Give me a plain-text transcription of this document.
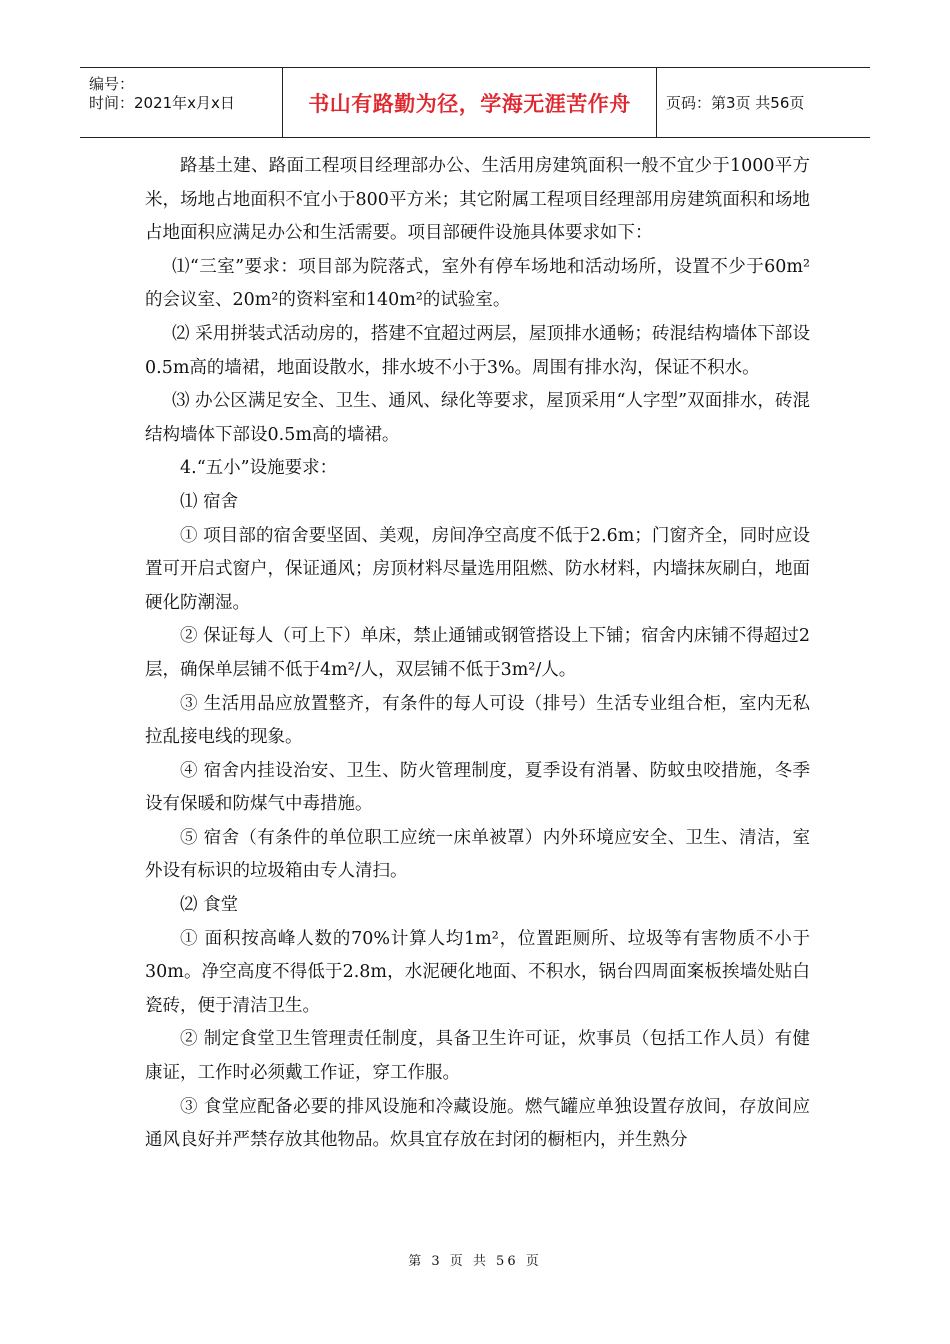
编号：
时间：2021年x月x日	书山有路勤为径，学海无涯苦作舟 页码：第3页 共56页

路基土建、路面工程项目经理部办公、生活用房建筑面积一般不宜少于1000平方米，场地占地面积不宜小于800平方米；其它附属工程项目经理部用房建筑面积和场地占地面积应满足办公和生活需要。项目部硬件设施具体要求如下：

⑴“三室”要求：项目部为院落式，室外有停车场地和活动场所，设置不少于60m²的会议室、20m²的资料室和140m²的试验室。

⑵ 采用拼装式活动房的，搭建不宜超过两层，屋顶排水通畅；砖混结构墙体下部设0.5m高的墙裙，地面设散水，排水坡不小于3%。周围有排水沟，保证不积水。

⑶ 办公区满足安全、卫生、通风、绿化等要求，屋顶采用“人字型”双面排水，砖混结构墙体下部设0.5m高的墙裙。

4.“五小”设施要求：

⑴ 宿舍

① 项目部的宿舍要坚固、美观，房间净空高度不低于2.6m；门窗齐全，同时应设置可开启式窗户，保证通风；房顶材料尽量选用阻燃、防水材料，内墙抹灰刷白，地面硬化防潮湿。

② 保证每人（可上下）单床，禁止通铺或钢管搭设上下铺；宿舍内床铺不得超过2层，确保单层铺不低于4m²/人，双层铺不低于3m²/人。

③ 生活用品应放置整齐，有条件的每人可设（排号）生活专业组合柜，室内无私拉乱接电线的现象。

④ 宿舍内挂设治安、卫生、防火管理制度，夏季设有消暑、防蚊虫咬措施，冬季设有保暖和防煤气中毒措施。

⑤ 宿舍（有条件的单位职工应统一床单被罩）内外环境应安全、卫生、清洁，室外设有标识的垃圾箱由专人清扫。

⑵ 食堂

① 面积按高峰人数的70%计算人均1m²，位置距厕所、垃圾等有害物质不小于30m。净空高度不得低于2.8m，水泥硬化地面、不积水，锅台四周面案板挨墙处贴白瓷砖，便于清洁卫生。

② 制定食堂卫生管理责任制度，具备卫生许可证，炊事员（包括工作人员）有健康证，工作时必须戴工作证，穿工作服。

③ 食堂应配备必要的排风设施和冷藏设施。燃气罐应单独设置存放间，存放间应通风良好并严禁存放其他物品。炊具宜存放在封闭的橱柜内，并生熟分

第 3 页 共 56 页
